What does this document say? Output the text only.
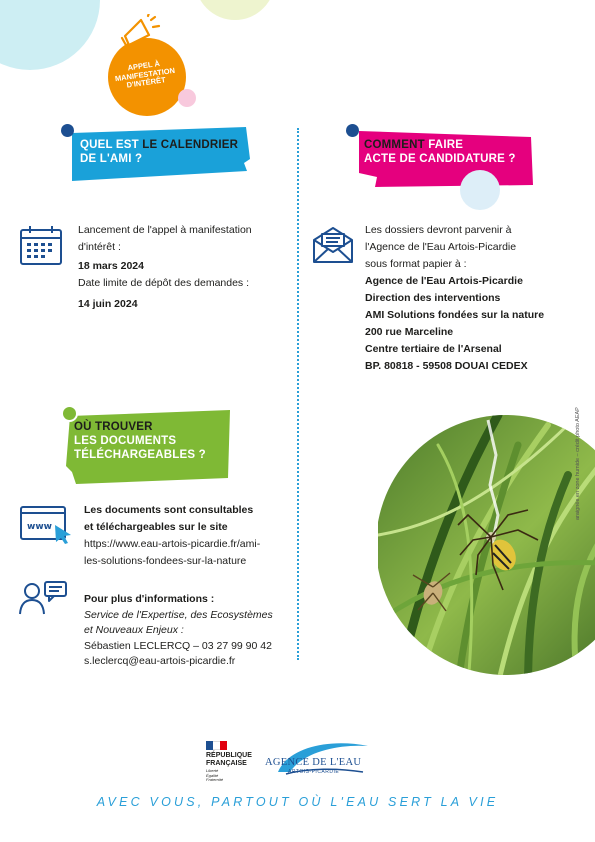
APPEL À MANIFESTATION D'INTÉRÊT
QUEL EST LE CALENDRIER
DE L'AMI ?
Lancement de l'appel à manifestation
d'intérêt :
18 mars 2024
Date limite de dépôt des demandes :
14 juin 2024
COMMENT FAIRE
ACTE DE CANDIDATURE ?
Les dossiers devront parvenir à
l'Agence de l'Eau Artois-Picardie
sous format papier à :
Agence de l'Eau Artois-Picardie
Direction des interventions
AMI Solutions fondées sur la nature
200 rue Marceline
Centre tertiaire de l'Arsenal
BP. 80818 - 59508 DOUAI CEDEX
OÙ TROUVER
LES DOCUMENTS
TÉLÉCHARGEABLES ?
www
Les documents sont consultables
et téléchargeables sur le site
https://www.eau-artois-picardie.fr/ami-
les-solutions-fondees-sur-la-nature
Pour plus d'informations :
Service de l'Expertise, des Ecosystèmes
et Nouveaux Enjeux :
Sébastien LECLERCQ – 03 27 99 90 42
s.leclercq@eau-artois-picardie.fr
araignée en zone humide – crédit photo AEAP
RÉPUBLIQUE
FRANÇAISE
Liberté
Égalité
Fraternité
AGENCE DE L'EAU
ARTOIS-PICARDIE
AVEC VOUS, PARTOUT OÙ L'EAU SERT LA VIE
